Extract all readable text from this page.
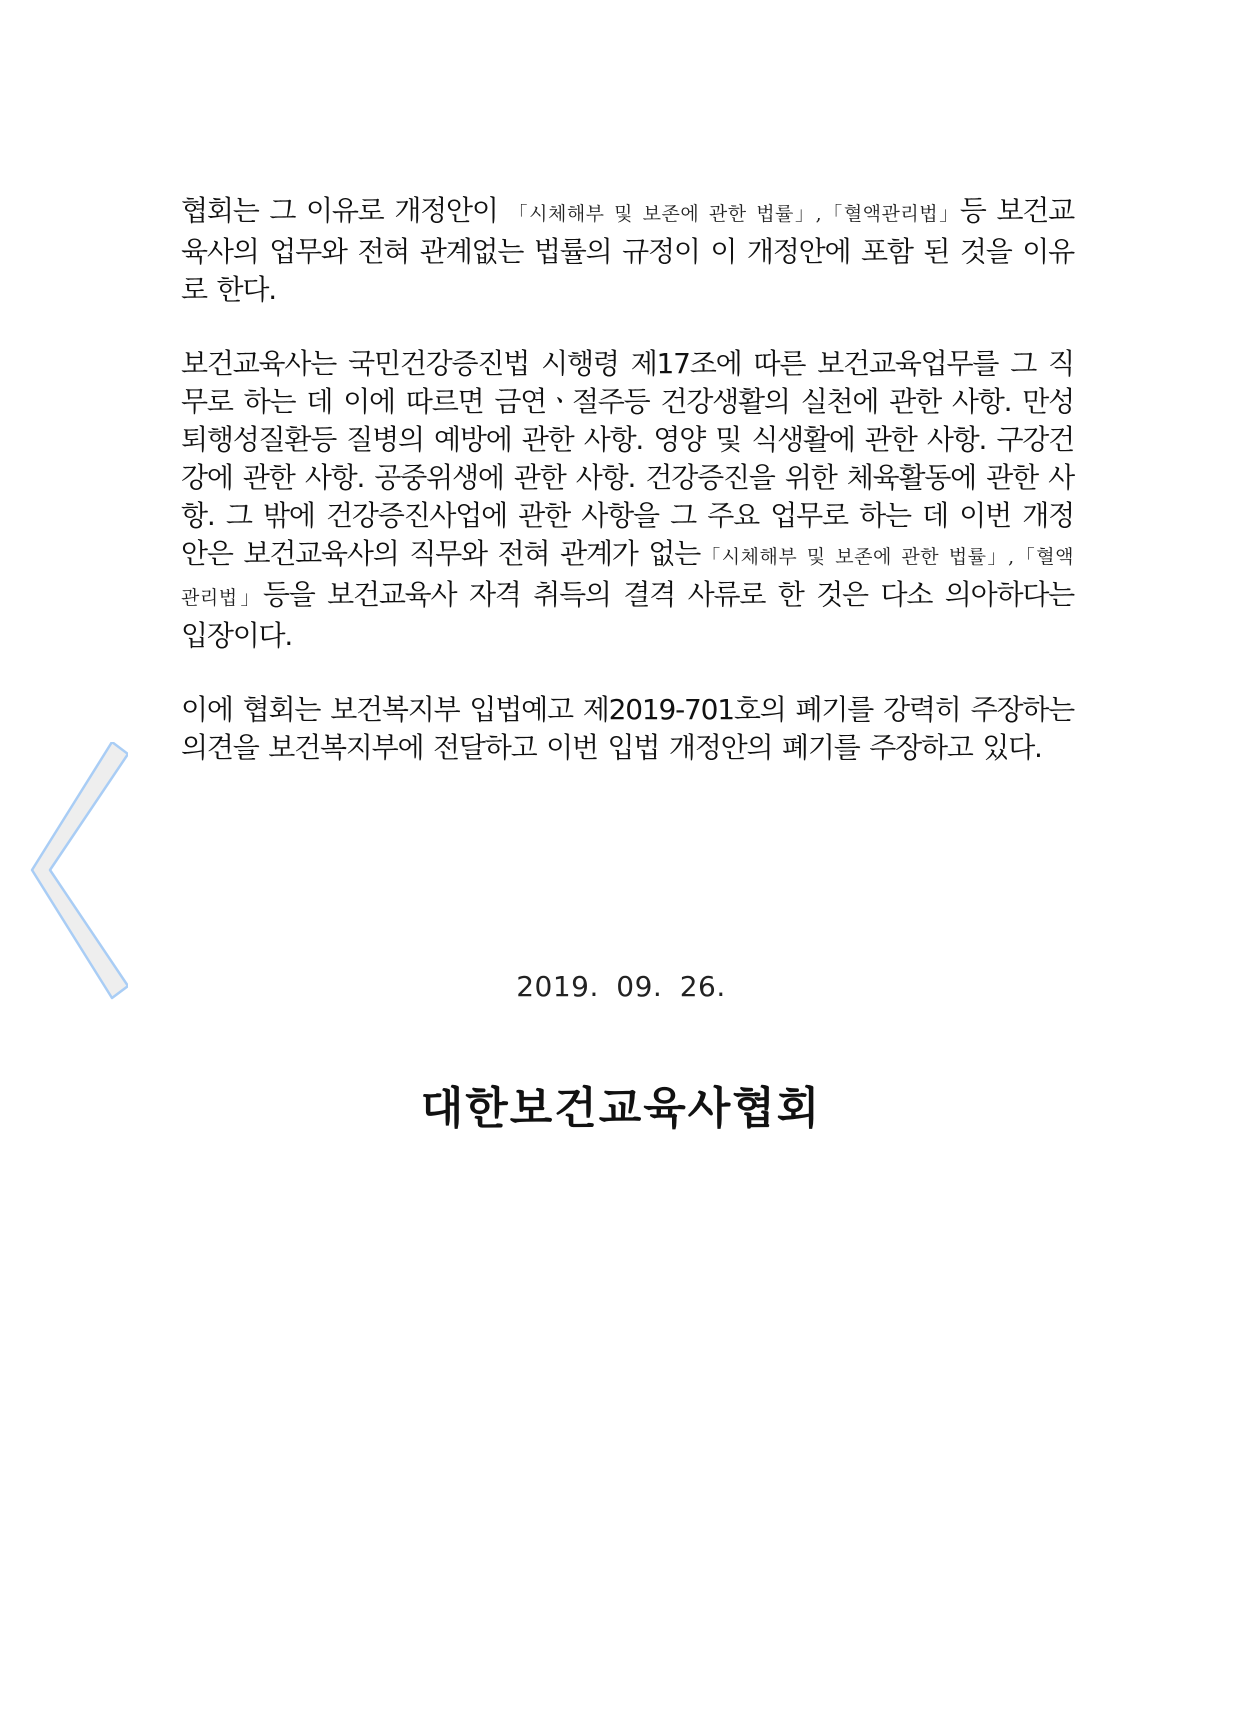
협회는 그 이유로 개정안이 「시체해부 및 보존에 관한 법률」,「혈액관리법」등 보건교육사의 업무와 전혀 관계없는 법률의 규정이 이 개정안에 포함 된 것을 이유로 한다.

보건교육사는 국민건강증진법 시행령 제17조에 따른 보건교육업무를 그 직무로 하는 데 이에 따르면 금연ㆍ절주등 건강생활의 실천에 관한 사항. 만성퇴행성질환등 질병의 예방에 관한 사항. 영양 및 식생활에 관한 사항. 구강건강에 관한 사항. 공중위생에 관한 사항. 건강증진을 위한 체육활동에 관한 사항. 그 밖에 건강증진사업에 관한 사항을 그 주요 업무로 하는 데 이번 개정안은 보건교육사의 직무와 전혀 관계가 없는「시체해부 및 보존에 관한 법률」,「혈액관리법」등을 보건교육사 자격 취득의 결격 사류로 한 것은 다소 의아하다는 입장이다.

이에 협회는 보건복지부 입법예고 제2019-701호의 폐기를 강력히 주장하는 의견을 보건복지부에 전달하고 이번 입법 개정안의 폐기를 주장하고 있다.

2019. 09. 26.
대한보건교육사협회
